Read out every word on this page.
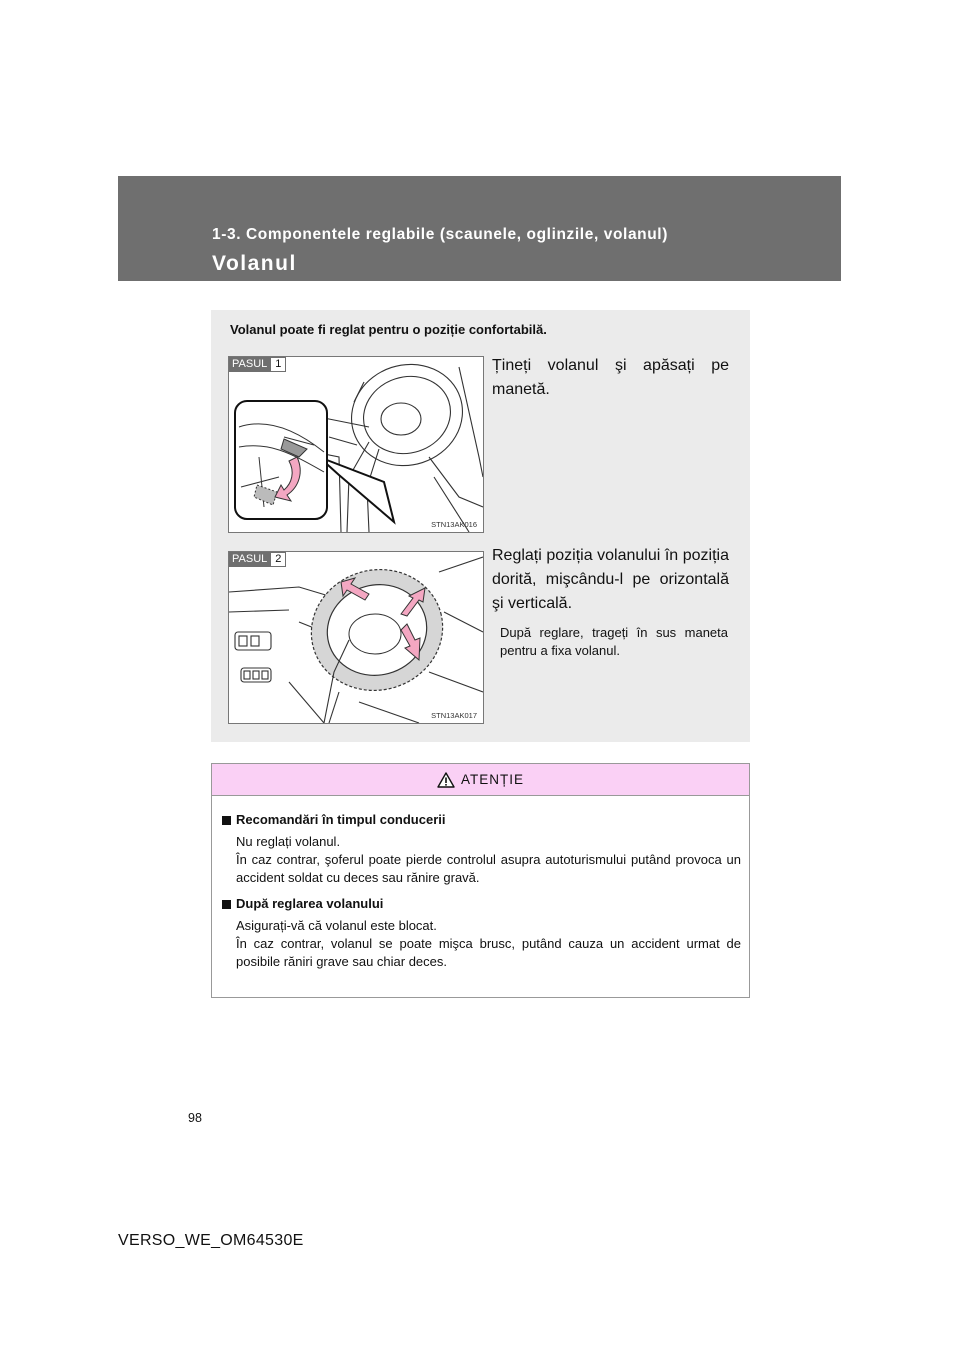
1-3. Componentele reglabile (scaunele, oglinzile, volanul)
Volanul
Volanul poate fi reglat pentru o poziție confortabilă.
PASUL 1
STN13AK016
Țineți volanul şi apăsați pe manetă.
PASUL 2
STN13AK017
Reglați poziția volanului în poziția dorită, mişcându-l pe orizontală şi verticală.
După reglare, trageți în sus maneta pentru a fixa volanul.
ATENȚIE
Recomandări în timpul conducerii
Nu reglați volanul.
În caz contrar, şoferul poate pierde controlul asupra autoturismului putând provoca un accident soldat cu deces sau rănire gravă.
După reglarea volanului
Asigurați-vă că volanul este blocat.
În caz contrar, volanul se poate mişca brusc, putând cauza un accident urmat de posibile răniri grave sau chiar deces.
98
VERSO_WE_OM64530E
